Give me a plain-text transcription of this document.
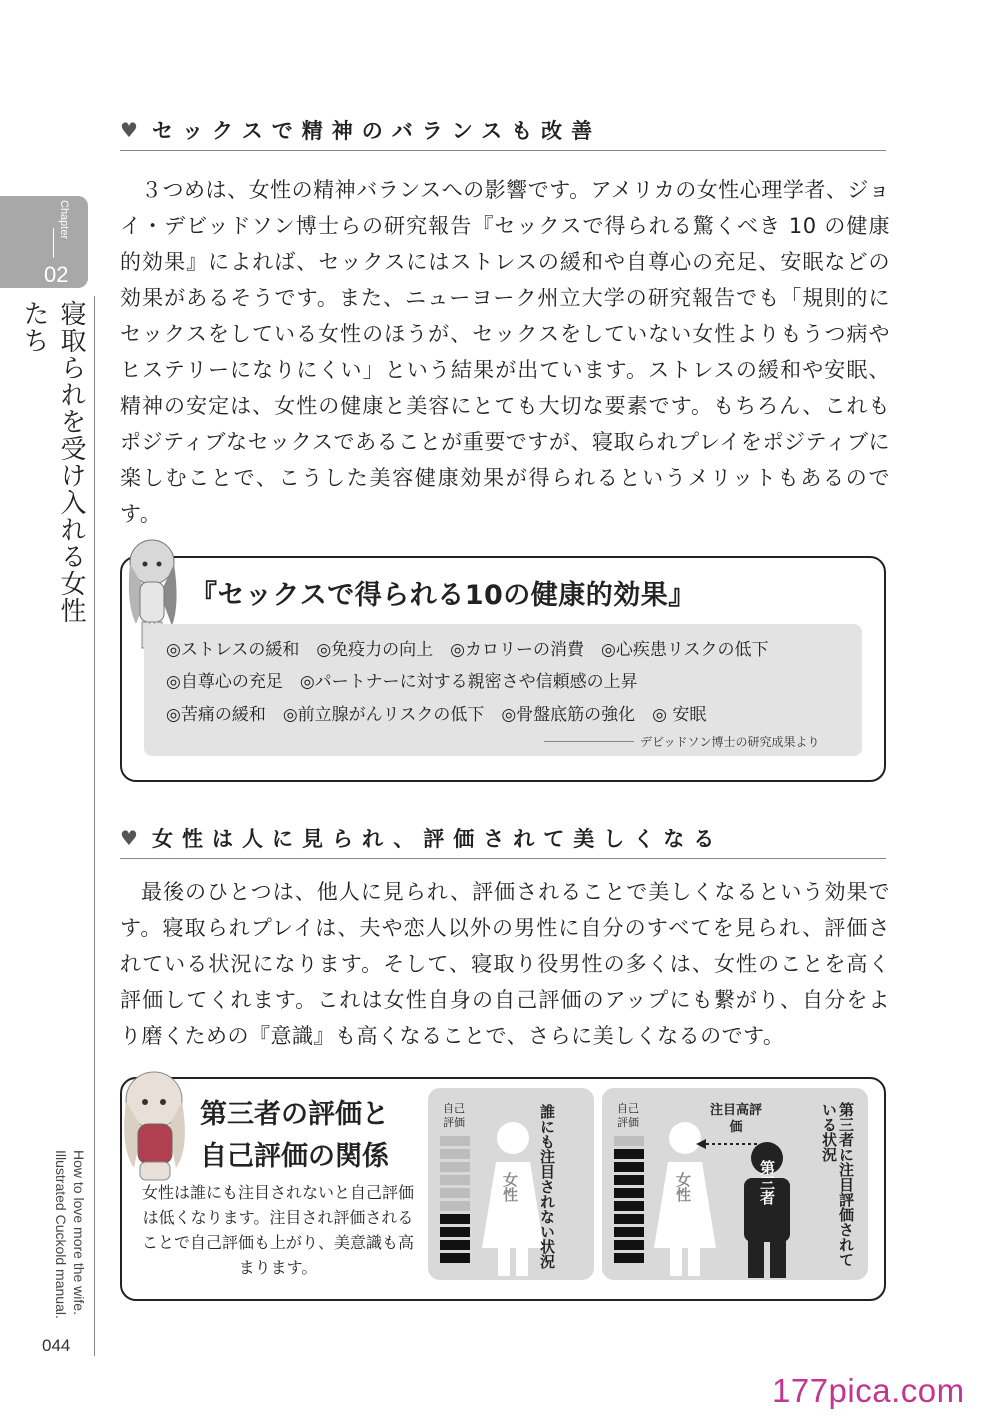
Chapter
02
寝取られを受け入れる女性たち
How to love more the wife.
Illustrated Cuckold manual.
044
♥ セックスで精神のバランスも改善
３つめは、女性の精神バランスへの影響です。アメリカの女性心理学者、ジョイ・デビッドソン博士らの研究報告『セックスで得られる驚くべき 10 の健康的効果』によれば、セックスにはストレスの緩和や自尊心の充足、安眠などの効果があるそうです。また、ニューヨーク州立大学の研究報告でも「規則的にセックスをしている女性のほうが、セックスをしていない女性よりもうつ病やヒステリーになりにくい」という結果が出ています。ストレスの緩和や安眠、精神の安定は、女性の健康と美容にとても大切な要素です。もちろん、これもポジティブなセックスであることが重要ですが、寝取られプレイをポジティブに楽しむことで、こうした美容健康効果が得られるというメリットもあるのです。
『セックスで得られる10の健康的効果』
◎ストレスの緩和　◎免疫力の向上　◎カロリーの消費　◎心疾患リスクの低下
◎自尊心の充足　◎パートナーに対する親密さや信頼感の上昇
◎苦痛の緩和　◎前立腺がんリスクの低下　◎骨盤底筋の強化　◎ 安眠
デビッドソン博士の研究成果より
♥ 女性は人に見られ、評価されて美しくなる
最後のひとつは、他人に見られ、評価されることで美しくなるという効果です。寝取られプレイは、夫や恋人以外の男性に自分のすべてを見られ、評価されている状況になります。そして、寝取り役男性の多くは、女性のことを高く評価してくれます。これは女性自身の自己評価のアップにも繋がり、自分をより磨くための『意識』も高くなることで、さらに美しくなるのです。
第三者の評価と
自己評価の関係
女性は誰にも注目されないと自己評価は低くなります。注目され評価されることで自己評価も上がり、美意識も高まります。
自己評価
女性 誰にも注目されない状況	自己評価
女性	第三者
注目高評価	第三者に注目評価されている状況
177pica.com
